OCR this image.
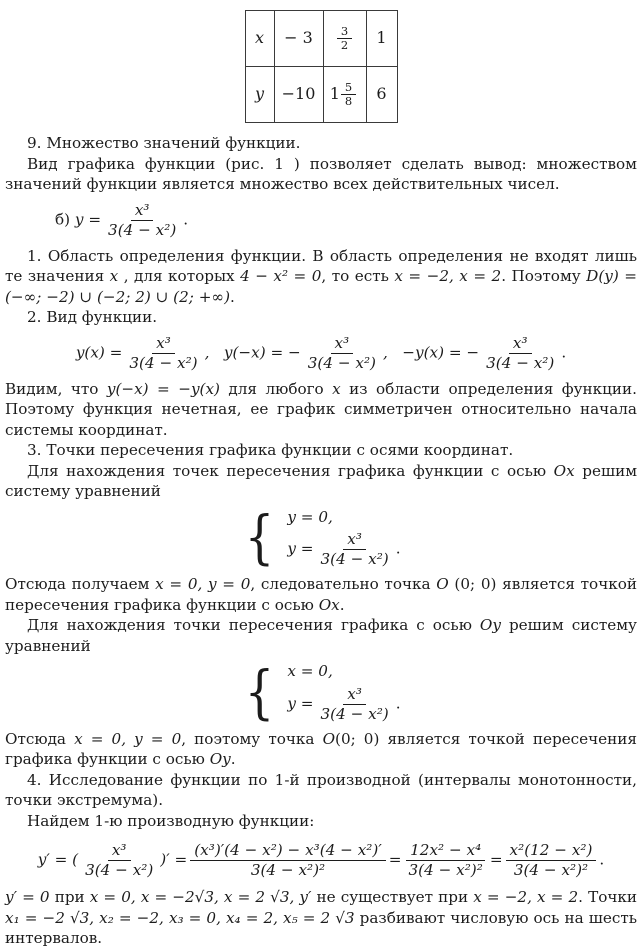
x	− 3	$\frac{3}{2}$	1
y	−10	$1 \frac{5}{8}$	6

9. Множество значений функции.

Вид графика функции (рис. 1 ) позволяет сделать вывод: множеством значений функции является множество всех действительных чисел.

б) $y = \frac{\text{x³}}{\text{3(4 − x²)}}$ .

1. Область определения функции. В область определения не входят лишь те значения x , для которых 4 − x² = 0, то есть x = −2, x = 2. Поэтому D(y) = (−∞; −2) ∪ (−2; 2) ∪ (2; +∞).

2. Вид функции.

$y(x) = \frac{\text{x³}}{\text{3(4 − x²)}}$ ,   y(−x) = − $\frac{\text{x³}}{\text{3(4 − x²)}}$ ,   −y(x) = − $\frac{\text{x³}}{\text{3(4 − x²)}}$ .

Видим, что y(−x) = −y(x) для любого x из области определения функции. Поэтому функция нечетная, ее график симметричен относительно начала системы координат.

3. Точки пересечения графика функции с осями координат.

Для нахождения точек пересечения графика функции с осью Ox решим систему уравнений

{ y = 0,
$y = \frac{\text{x³}}{\text{3(4 − x²)}}$ .

Отсюда получаем x = 0, y = 0, следовательно точка O (0; 0) является точкой пересечения графика функции с осью Ox.

Для нахождения точки пересечения графика с осью Oy решим систему уравнений

{ x = 0,
$y = \frac{\text{x³}}{\text{3(4 − x²)}}$ .

Отсюда x = 0, y = 0, поэтому точка O(0; 0) является точкой пересечения графика функции с осью Oy.

4. Исследование функции по 1-й производной (интервалы монотонности, точки экстремума).

Найдем 1-ю производную функции:

y′ = ( $\frac{\text{x³}}{\text{3(4 − x²)}}$ )′ = $\frac{\text{(x³)′(4 − x²) − x³(4 − x²)′}}{\text{3(4 − x²)²}} = \frac{\text{12x² − x⁴}}{\text{3(4 − x²)²}} = \frac{\text{x²(12 − x²)}}{\text{3(4 − x²)²}}$ .

y′ = 0 при x = 0, x = −2√3, x = 2 √3, y′ не существует при x = −2, x = 2. Точки x₁ = −2 √3, x₂ = −2, x₃ = 0, x₄ = 2, x₅ = 2 √3 разбивают числовую ось на шесть интервалов.
